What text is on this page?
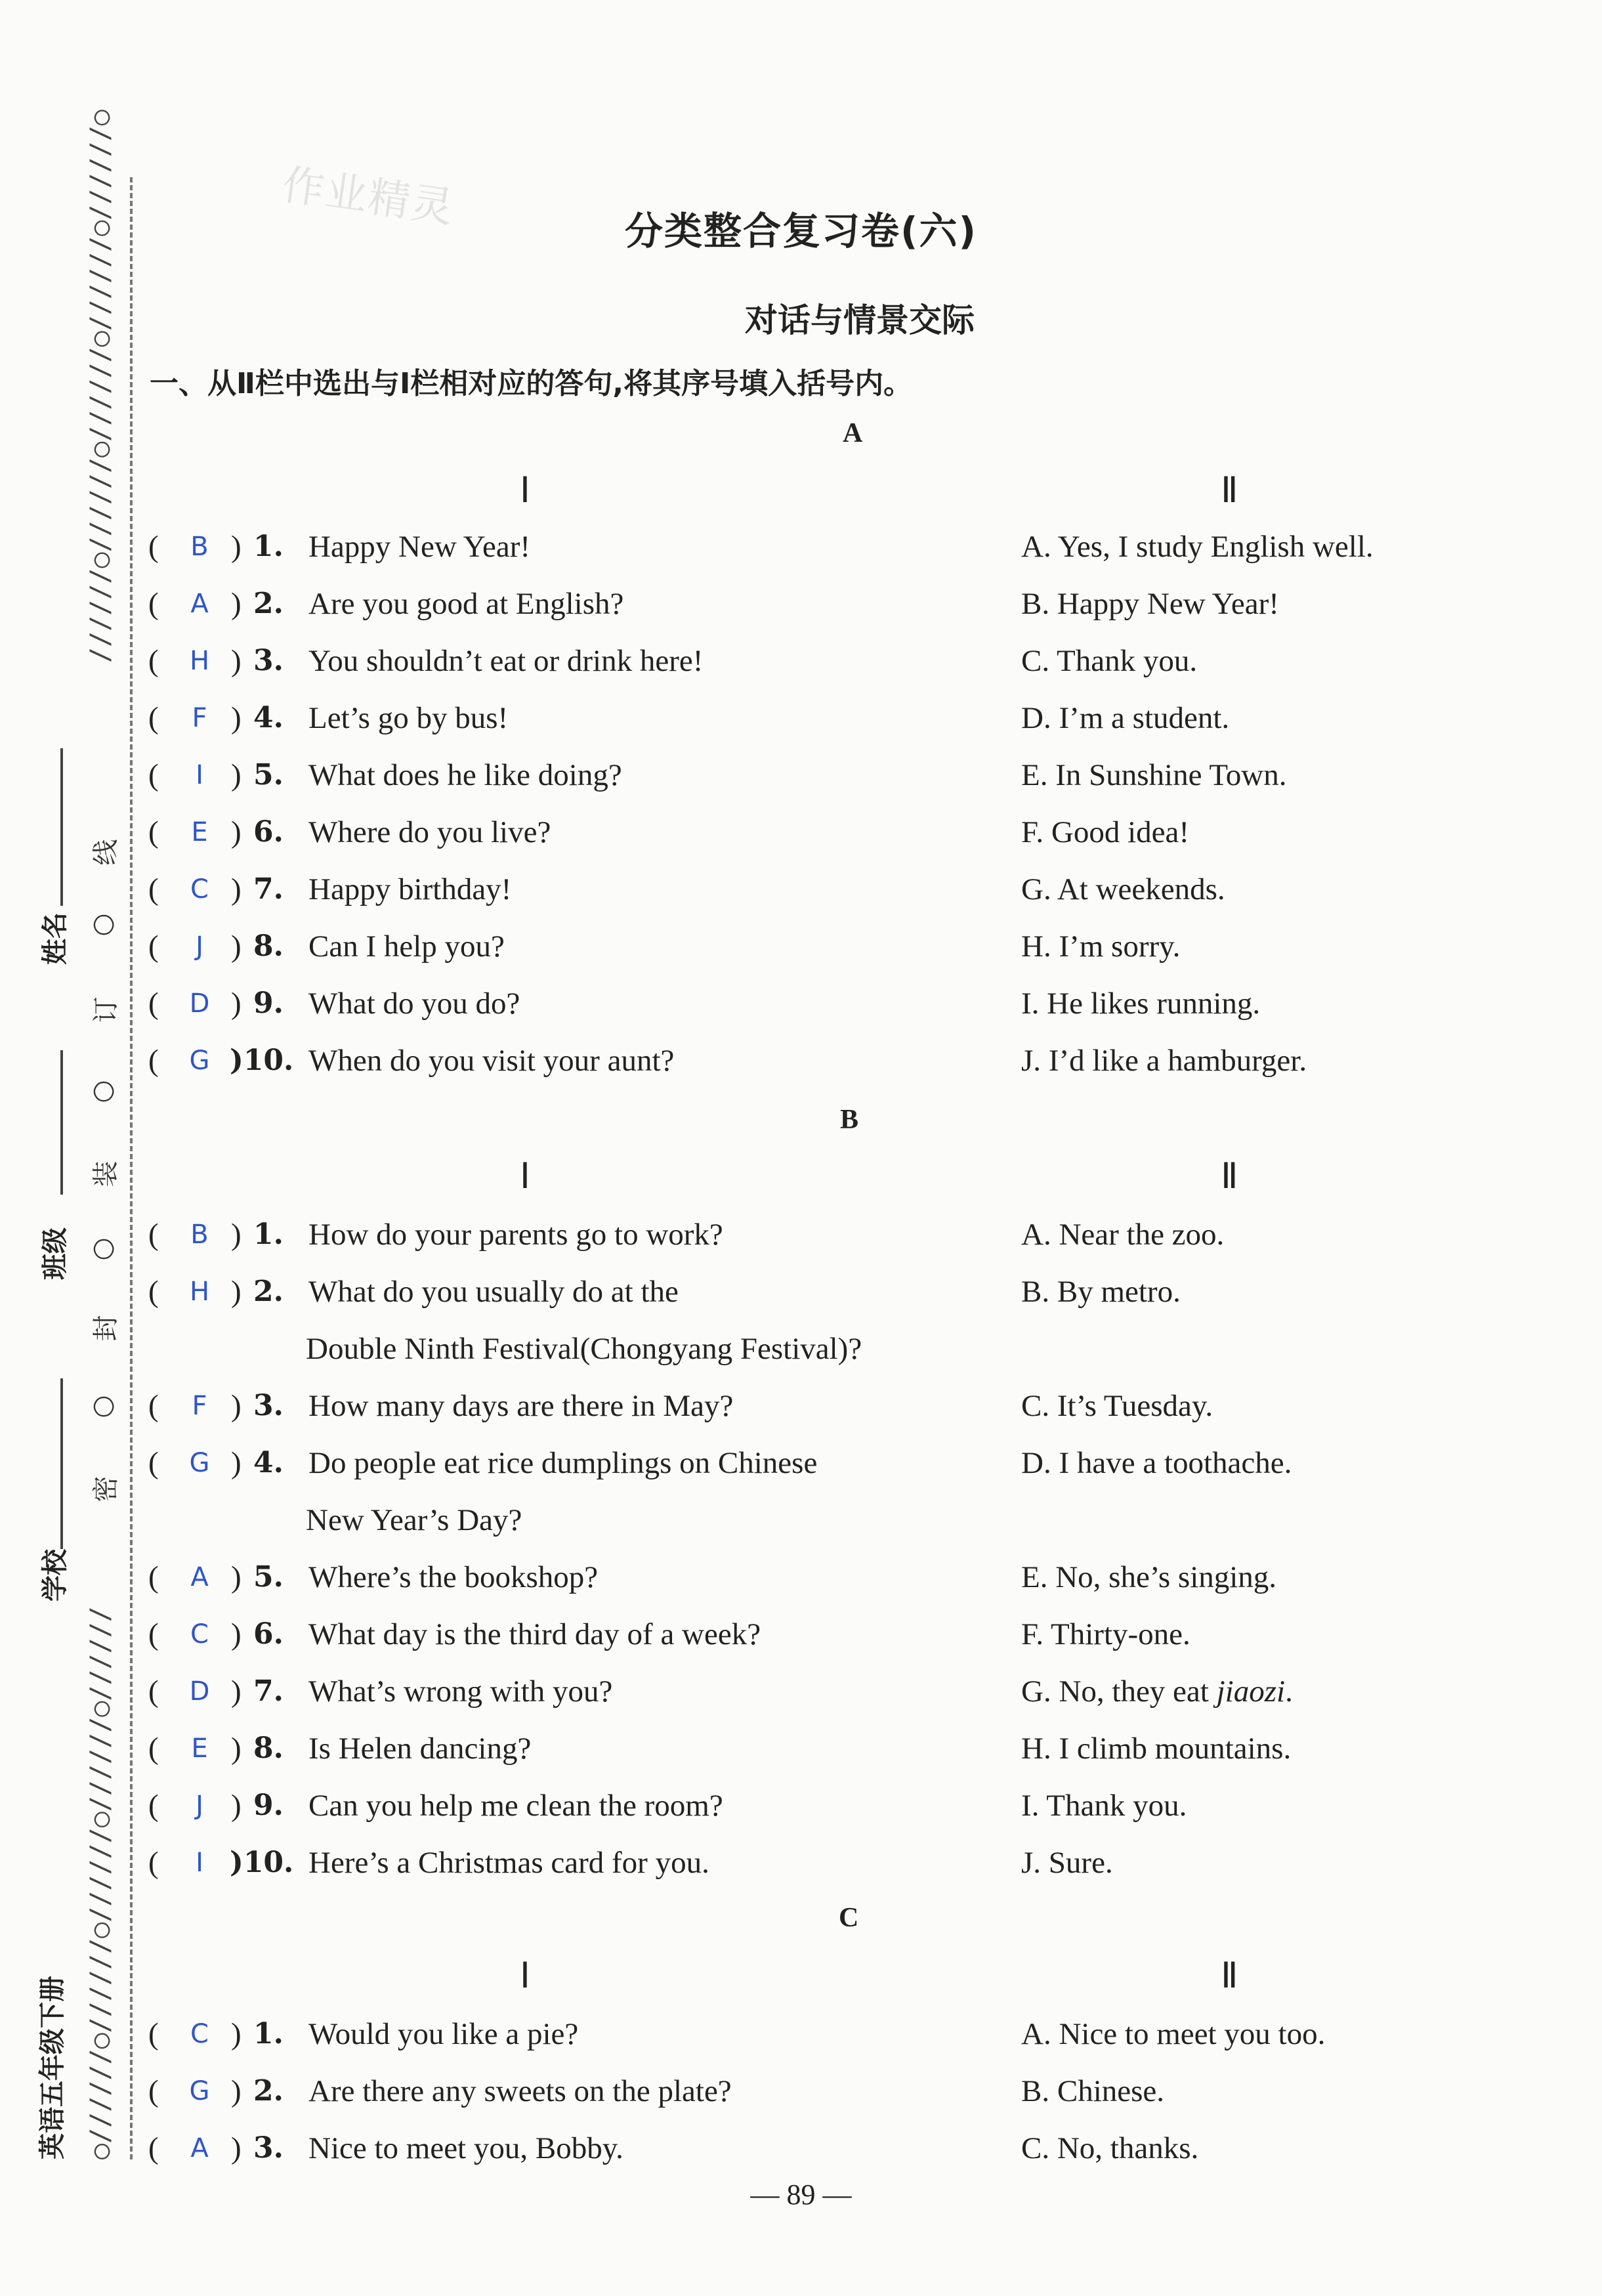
作业精灵
//////○//////○//////○//////○//////○
○//////○//////○//////○//////○//////
线
○
订
○
装
○
封
○
密
姓名
班级
学校
英语五年级下册
分类整合复习卷(六)
对话与情景交际
一、从Ⅱ栏中选出与Ⅰ栏相对应的答句,将其序号填入括号内。
A
Ⅰ	Ⅱ
B
Ⅰ	Ⅱ
C
Ⅰ	Ⅱ
(	B ) 1. Happy New Year!	A. Yes, I study English well.
(	A ) 2. Are you good at English?	B. Happy New Year!
(	H ) 3. You shouldn’t eat or drink here!	C. Thank you.
(	F ) 4. Let’s go by bus!	D. I’m a student.
(	I ) 5. What does he like doing?	E. In Sunshine Town.
(	E ) 6. Where do you live?	F. Good idea!
(	C ) 7. Happy birthday!	G. At weekends.
(	J ) 8. Can I help you?	H. I’m sorry.
(	D ) 9. What do you do?	I. He likes running.
(	G )10. When do you visit your aunt?	J. I’d like a hamburger.
(	B ) 1. How do your parents go to work?	A. Near the zoo.
(	H ) 2. What do you usually do at the	B. By metro.
Double Ninth Festival(Chongyang Festival)?
(	F ) 3. How many days are there in May?	C. It’s Tuesday.
(	G ) 4. Do people eat rice dumplings on Chinese	D. I have a toothache.
New Year’s Day?
(	A ) 5. Where’s the bookshop?	E. No, she’s singing.
(	C ) 6. What day is the third day of a week?	F. Thirty-one.
(	D ) 7. What’s wrong with you?	G. No, they eat jiaozi.
(	E ) 8. Is Helen dancing?	H. I climb mountains.
(	J ) 9. Can you help me clean the room?	I. Thank you.
(	I )10. Here’s a Christmas card for you.	J. Sure.
(	C ) 1. Would you like a pie?	A. Nice to meet you too.
(	G ) 2. Are there any sweets on the plate?	B. Chinese.
(	A ) 3. Nice to meet you, Bobby.	C. No, thanks.
— 89 —
